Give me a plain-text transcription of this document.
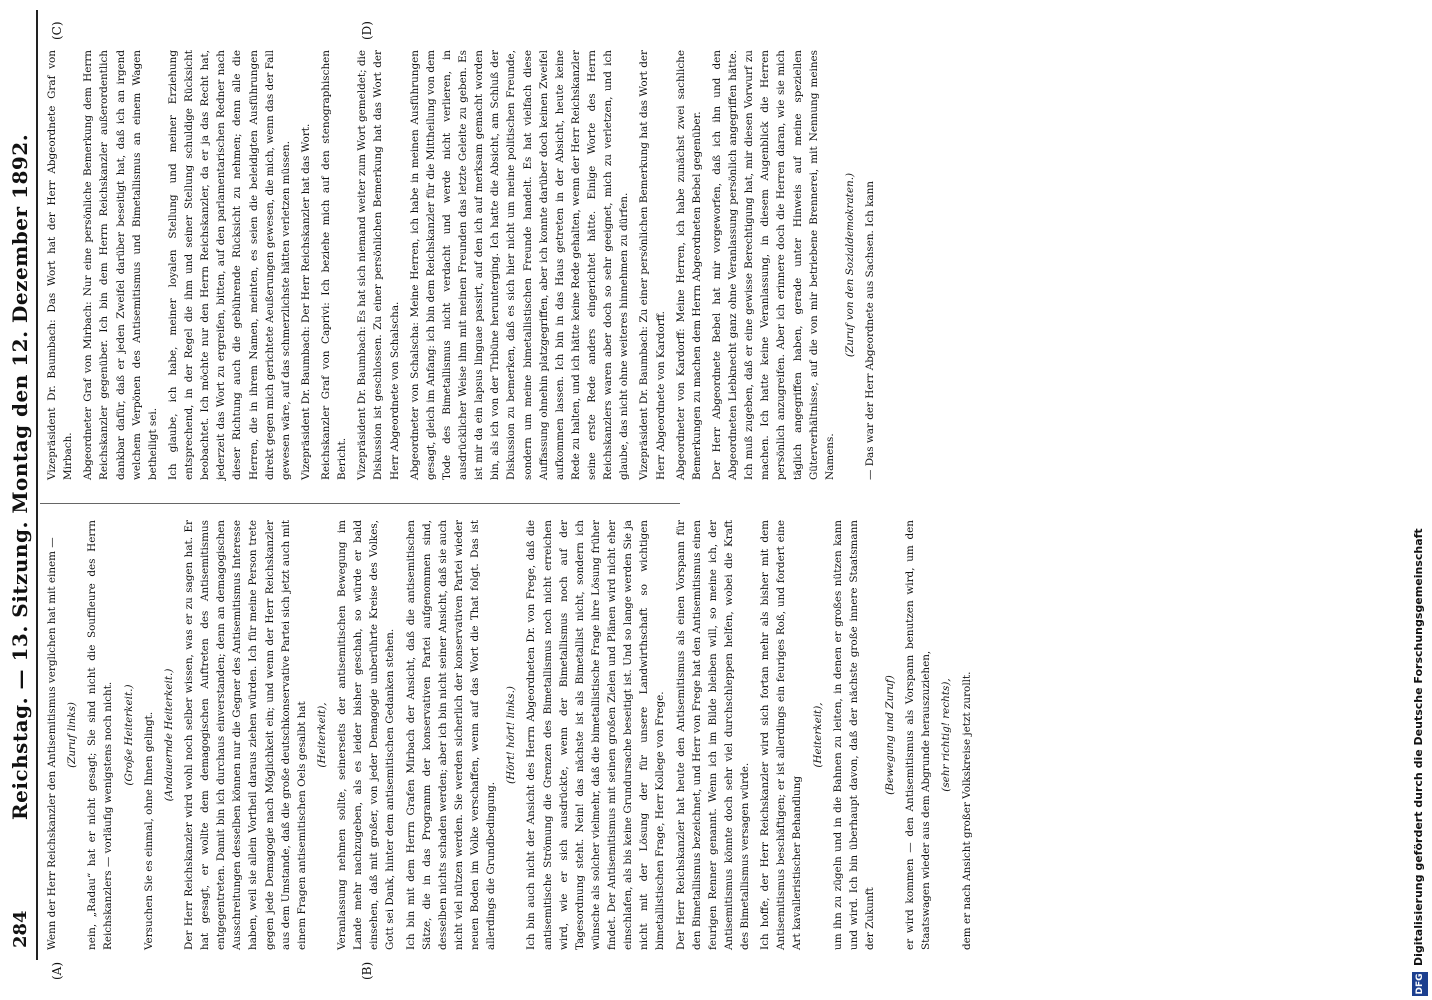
284
Reichstag. — 13. Sitzung. Montag den 12. Dezember 1892.
(A)	(B)
(C)	(D)

Wenn der Herr Reichskanzler den Antisemitismus verglichen hat mit einem — (Zuruf links) nein, „Radau“ hat er nicht gesagt; Sie sind nicht die Souffleure des Herrn Reichskanzlers — vorläufig wenigstens noch nicht. (Große Heiterkeit.) Versuchen Sie es einmal, ohne Ihnen gelingt. (Andauernde Heiterkeit.) Der Herr Reichskanzler wird wohl noch selber wissen, was er zu sagen hat. Er hat gesagt, er wollte dem demagogischen Auftreten des Antisemitismus entgegentreten. Damit bin ich durchaus einverstanden; denn an demagogischen Ausschreitungen desselben können nur die Gegner des Antisemitismus Interesse haben, weil sie allein Vortheil daraus ziehen würden. Ich für meine Person trete gegen jede Demagogie nach Möglichkeit ein; und wenn der Herr Reichskanzler aus dem Umstande, daß die große deutschkonservative Partei sich jetzt auch mit einem Fragen antisemitischen Oels gesalbt hat (Heiterkeit), Veranlassung nehmen sollte, seinerseits der antisemitischen Bewegung im Lande mehr nachzugeben, als es leider bisher geschah, so würde er bald einsehen, daß mit großer, von jeder Demagogie unberührte Kreise des Volkes, Gott sei Dank, hinter dem antisemitischen Gedanken stehen. Ich bin mit dem Herrn Grafen Mirbach der Ansicht, daß die antisemitischen Sätze, die in das Programm der konservativen Partei aufgenommen sind, desselben nichts schaden werden; aber ich bin nicht seiner Ansicht, daß sie auch nicht viel nützen werden. Sie werden sicherlich der konservativen Partei wieder neuen Boden im Volke verschaffen, wenn auf das Wort die That folgt. Das ist allerdings die Grundbedingung.

(Hört! hört! links.) Ich bin auch nicht der Ansicht des Herrn Abgeordneten Dr. von Frege, daß die antisemitische Strömung die Grenzen des Bimetallismus noch nicht erreichen wird, wie er sich ausdrückte, wenn der Bimetallismus noch auf der Tagesordnung steht. Nein! das nächste ist als Bimetallist nicht, sondern ich wünsche als solcher vielmehr, daß die bimetallistische Frage ihre Lösung früher findet. Der Antisemitismus mit seinen großen Zielen und Plänen wird nicht eher einschlafen, als bis keine Grundursache beseitigt ist. Und so lange werden Sie ja nicht mit der Lösung der für unsere Landwirthschaft so wichtigen bimetallistischen Frage, Herr Kollege von Frege. Der Herr Reichskanzler hat heute den Antisemitismus als einen Vorspann für den Bimetallismus bezeichnet, und Herr von Frege hat den Antisemitismus einen feurigen Renner genannt. Wenn ich im Bilde bleiben will, so meine ich, der Antisemitismus könnte doch sehr viel durchschleppen helfen, wobei die Kraft des Bimetallismus versagen würde. Ich hoffe, der Herr Reichskanzler wird sich fortan mehr als bisher mit dem Antisemitismus beschäftigen; er ist allerdings ein feuriges Roß, und fordert eine Art kavalleristischer Behandlung

(Heiterkeit), um ihn zu zügeln und in die Bahnen zu leiten, in denen er großes nützen kann und wird. Ich bin überhaupt davon, daß der nächste große innere Staatsmann der Zukunft

(Bewegung und Zuruf) er wird kommen — den Antisemitismus als Vorspann benutzen wird, um den Staatswagen wieder aus dem Abgrunde herauszuziehen, (sehr richtig! rechts), dem er nach Ansicht großer Volkskreise jetzt zurollt.

Vizepräsident Dr. Baumbach: Das Wort hat der Herr Abgeordnete Graf von Mirbach. Abgeordneter Graf von Mirbach: Nur eine persönliche Bemerkung dem Herrn Reichskanzler gegenüber. Ich bin dem Herrn Reichskanzler außerordentlich dankbar dafür, daß er jeden Zweifel darüber beseitigt hat, daß ich an irgend welchem Verpönen des Antisemitismus und Bimetallismus an einem Wagen betheiligt sei. Ich glaube, ich habe, meiner loyalen Stellung und meiner Erziehung entsprechend, in der Regel die ihm und seiner Stellung schuldige Rücksicht beobachtet. Ich möchte nur den Herrn Reichskanzler, da er ja das Recht hat, jederzeit das Wort zu ergreifen, bitten, auf den parlamentarischen Redner nach dieser Richtung auch die gebührende Rücksicht zu nehmen; denn alle die Herren, die in ihrem Namen, meinten, es seien die beleidigten Ausführungen direkt gegen mich gerichtete Aeußerungen gewesen, die mich, wenn das der Fall gewesen wäre, auf das schmerzlichste hätten verletzen müssen. Vizepräsident Dr. Baumbach: Der Herr Reichskanzler hat das Wort. Reichskanzler Graf von Caprivi: Ich beziehe mich auf den stenographischen Bericht. Vizepräsident Dr. Baumbach: Es hat sich niemand weiter zum Wort gemeldet; die Diskussion ist geschlossen. Zu einer persönlichen Bemerkung hat das Wort der Herr Abgeordnete von Schalscha. Abgeordneter von Schalscha: Meine Herren, ich habe in meinen Ausführungen gesagt, gleich im Anfang: ich bin dem Reichskanzler für die Mittheilung von dem Tode des Bimetallismus nicht verdacht und werde nicht verlieren, in ausdrücklicher Weise ihm mit meinen Freunden das letzte Geleite zu geben. Es ist mir da ein lapsus linguae passirt, auf den ich auf merksam gemacht worden bin, als ich von der Tribüne herunterging. Ich hatte die Absicht, am Schluß der Diskussion zu bemerken, daß es sich hier nicht um meine politischen Freunde, sondern um meine bimetallistischen Freunde handelt. Es hat vielfach diese Auffassung ohnehin platzgegriffen, aber ich konnte darüber doch keinen Zweifel aufkommen lassen. Ich bin in das Haus getreten in der Absicht, heute keine Rede zu halten, und ich hätte keine Rede gehalten, wenn der Herr Reichskanzler seine erste Rede anders eingerichtet hätte. Einige Worte des Herrn Reichskanzlers waren aber doch so sehr geeignet, mich zu verletzen, und ich glaube, das nicht ohne weiteres hinnehmen zu dürfen. Vizepräsident Dr. Baumbach: Zu einer persönlichen Bemerkung hat das Wort der Herr Abgeordnete von Kardorff. Abgeordneter von Kardorff: Meine Herren, ich habe zunächst zwei sachliche Bemerkungen zu machen dem Herrn Abgeordneten Bebel gegenüber. Der Herr Abgeordnete Bebel hat mir vorgeworfen, daß ich ihn und den Abgeordneten Liebknecht ganz ohne Veranlassung persönlich angegriffen hätte. Ich muß zugeben, daß er eine gewisse Berechtigung hat, mir diesen Vorwurf zu machen. Ich hatte keine Veranlassung, in diesem Augenblick die Herren persönlich anzugreifen. Aber ich erinnere doch die Herren daran, wie sie mich täglich angegriffen haben, gerade unter Hinweis auf meine speziellen Güterverhältnisse, auf die von mir betriebene Brennerei, mit Nennung meines Namens.

(Zuruf von den Sozialdemokraten.) — Das war der Herr Abgeordnete aus Sachsen. Ich kann

DFG
Digitalisierung gefördert durch die Deutsche Forschungsgemeinschaft
